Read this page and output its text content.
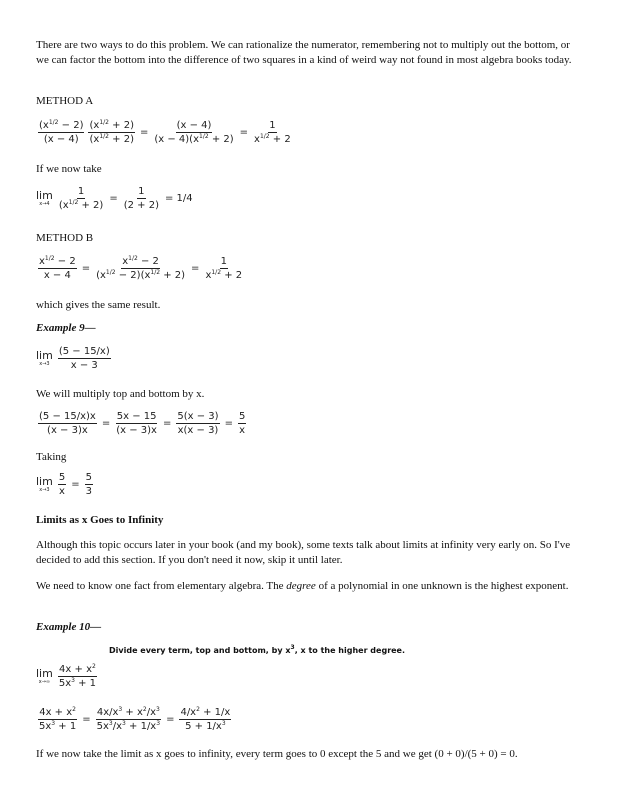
There are two ways to do this problem. We can rationalize the numerator, remembering not to multiply out the bottom, or we can factor the bottom into the difference of two squares in a kind of weird way not found in most algebra books today.

METHOD A

$\frac{(x^{1/2} - 2)}{(x - 4)} \frac{(x^{1/2} + 2)}{(x^{1/2} + 2)} = \frac{(x - 4)}{(x - 4)(x^{1/2} + 2)} = \frac{1}{x^{1/2} + 2}$

If we now take

lim
$x\to 4 \frac{1}{(x^{1/2} + 2)} = \frac{1}{(2 + 2)} = 1/4$

METHOD B

$\frac{x^{1/2} - 2}{x - 4} = \frac{x^{1/2} - 2}{(x^{1/2} - 2)(x^{1/2} + 2)} = \frac{1}{x^{1/2} + 2}$

which gives the same result.

Example 9—

lim
$x\to 3 \frac{(5 - 15/x)}{x - 3}$

We will multiply top and bottom by x.

$\frac{(5 - 15/x)x}{(x - 3)x} = \frac{5x - 15}{(x - 3)x} = \frac{5(x - 3)}{x(x - 3)} = \frac{5}{x}$

Taking

lim
$x\to 3 \frac{5}{x} = \frac{5}{3}$

Limits as x Goes to Infinity

Although this topic occurs later in your book (and my book), some texts talk about limits at infinity very early on. So I've decided to add this section. If you don't need it now, skip it until later.

We need to know one fact from elementary algebra. The degree of a polynomial in one unknown is the highest exponent.

Example 10—

Divide every term, top and bottom, by $x^3$, x to the higher degree.
lim
$x\to\infty \frac{4x + x^2}{5x^3 + 1}$
$\frac{4x + x^2}{5x^3 + 1} = \frac{4x/x^3 + x^2/x^3}{5x^3/x^3 + 1/x^3} = \frac{4/x^2 + 1/x}{5 + 1/x^3}$

If we now take the limit as x goes to infinity, every term goes to 0 except the 5 and we get (0 + 0)/(5 + 0) = 0.
